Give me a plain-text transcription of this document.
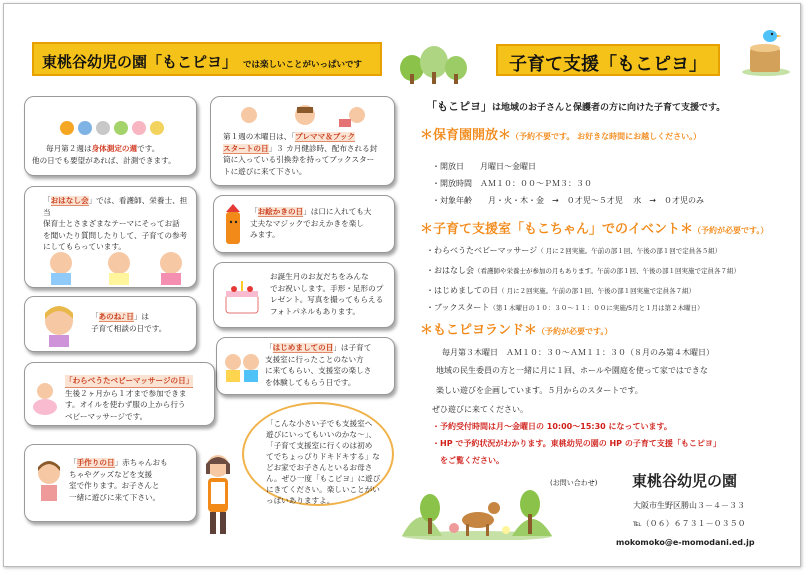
東桃谷幼児の園「もこピヨ」 では楽しいことがいっぱいです	子育て支援「もこピヨ」
毎月第２週は身体測定の週です。
他の日でも要望があれば、計測できます。
第１週の木曜日は、「プレママ＆ブック
スタートの日」３ カ月健診時、配布される封
筒に入っている引換券を持ってブックスター
トに遊びに来て下さい。
「おはなし会」では、看護師、栄養士、担当
保育士とさまざまなテーマにそってお話
を聞いたり質問したりして、子育ての参考
にしてもらっています。
「お絵かきの日」は口に入れても大
丈夫なマジックでおえかきを楽し
みます。
お誕生月のお友だちをみんな
でお祝いします。手形・足形のプ
レゼント。写真を撮ってもらえる
フォトパネルもあります。
「あのね♪日」は
子育て相談の日です。
「はじめましての日」は子育て
支援室に行ったことのない方
に来てもらい、支援室の楽しさ
を体験してもらう日です。
「わらべうたベビーマッサージの日」
生後２ヶ月から１才まで参加できま
す。オイルを使わず服の上から行う
ベビーマッサージです。
「手作りの日」赤ちゃんおも
ちゃやグッズなどを支援
室で作ります。お子さんと
一緒に遊びに来て下さい。
「こんな小さい子でも支援室へ
遊びにいってもいいのかな～」、
「子育て支援室に行くのは初め
てでちょっぴりドキドキする」な
どお家でお子さんといるお母さ
ん。ぜひ一度「もこピヨ」に遊び
にきてください。楽しいことがい
っぱいありますよ。
「もこピヨ」は地域のお子さんと保護者の方に向けた子育て支援です。
＊保育園開放＊（予約不要です。 お好きな時間にお越しください。）
・開放日　　月曜日～金曜日
・開放時間　ＡＭ１０：００～ＰＭ３：３０
・対象年齢　　月・火・木・金　→　０才児～５才児　 水　→　０才児のみ
＊子育て支援室「もこちゃん」でのイベント＊（予約が必要です。）
・わらべうたベビーマッサージ（ 月に２回実施。午前の部１回、午後の部１回で定員各５組）
・おはなし会（看護師や栄養士が参加の月もあります。午前の部１回、午後の部１回実施で定員各７組）
・はじめましての日（ 月に２回実施。午前の部１回、午後の部１回実施で定員各７組）
・ブックスタート（第１木曜日の１０：３０～１１：００に実施/5月と１月は第２木曜日）
＊もこピヨランド＊（予約が必要です。）
毎月第３木曜日　ＡＭ１０：３０～ＡＭ１１：３０（８月のみ第４木曜日）
地域の民生委員の方と一緒に月に１回、ホールや園庭を使って家ではできな
楽しい遊びを企画しています。５月からのスタートです。
ぜひ遊びに来てください。
・予約受付時間は月～金曜日の 10:00～15:30 になっています。
・HP で予約状況がわかります。東桃幼児の園の HP の子育て支援「もこピヨ」
　をご覧ください。
(お問い合わせ) 東桃谷幼児の園
大阪市生野区勝山３－４－３３
℡（０６）６７３１－０３５０
mokomoko@e-momodani.ed.jp
